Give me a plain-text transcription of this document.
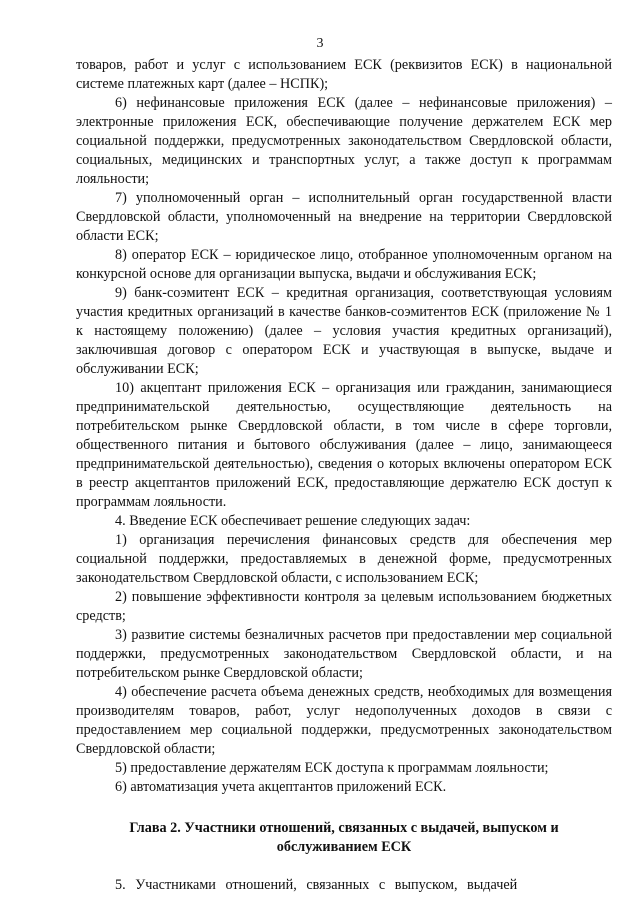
3

товаров, работ и услуг с использованием ЕСК (реквизитов ЕСК) в национальной системе платежных карт (далее – НСПК);

6) нефинансовые приложения ЕСК (далее – нефинансовые приложения) – электронные приложения ЕСК, обеспечивающие получение держателем ЕСК мер социальной поддержки, предусмотренных законодательством Свердловской области, социальных, медицинских и транспортных услуг, а также доступ к программам лояльности;

7) уполномоченный орган – исполнительный орган государственной власти Свердловской области, уполномоченный на внедрение на территории Свердловской области ЕСК;

8) оператор ЕСК – юридическое лицо, отобранное уполномоченным органом на конкурсной основе для организации выпуска, выдачи и обслуживания ЕСК;

9) банк-соэмитент ЕСК – кредитная организация, соответствующая условиям участия кредитных организаций в качестве банков-соэмитентов ЕСК (приложение № 1 к настоящему положению) (далее – условия участия кредитных организаций), заключившая договор с оператором ЕСК и участвующая в выпуске, выдаче и обслуживании ЕСК;

10) акцептант приложения ЕСК – организация или гражданин, занимающиеся предпринимательской деятельностью, осуществляющие деятельность на потребительском рынке Свердловской области, в том числе в сфере торговли, общественного питания и бытового обслуживания (далее – лицо, занимающееся предпринимательской деятельностью), сведения о которых включены оператором ЕСК в реестр акцептантов приложений ЕСК, предоставляющие держателю ЕСК доступ к программам лояльности.

4. Введение ЕСК обеспечивает решение следующих задач:

1) организация перечисления финансовых средств для обеспечения мер социальной поддержки, предоставляемых в денежной форме, предусмотренных законодательством Свердловской области, с использованием ЕСК;

2) повышение эффективности контроля за целевым использованием бюджетных средств;

3) развитие системы безналичных расчетов при предоставлении мер социальной поддержки, предусмотренных законодательством Свердловской области, и на потребительском рынке Свердловской области;

4) обеспечение расчета объема денежных средств, необходимых для возмещения производителям товаров, работ, услуг недополученных доходов в связи с предоставлением мер социальной поддержки, предусмотренных законодательством Свердловской области;

5) предоставление держателям ЕСК доступа к программам лояльности;

6) автоматизация учета акцептантов приложений ЕСК.

Глава 2. Участники отношений, связанных с выдачей, выпуском и обслуживанием ЕСК

5. Участниками отношений, связанных с выпуском, выдачей
